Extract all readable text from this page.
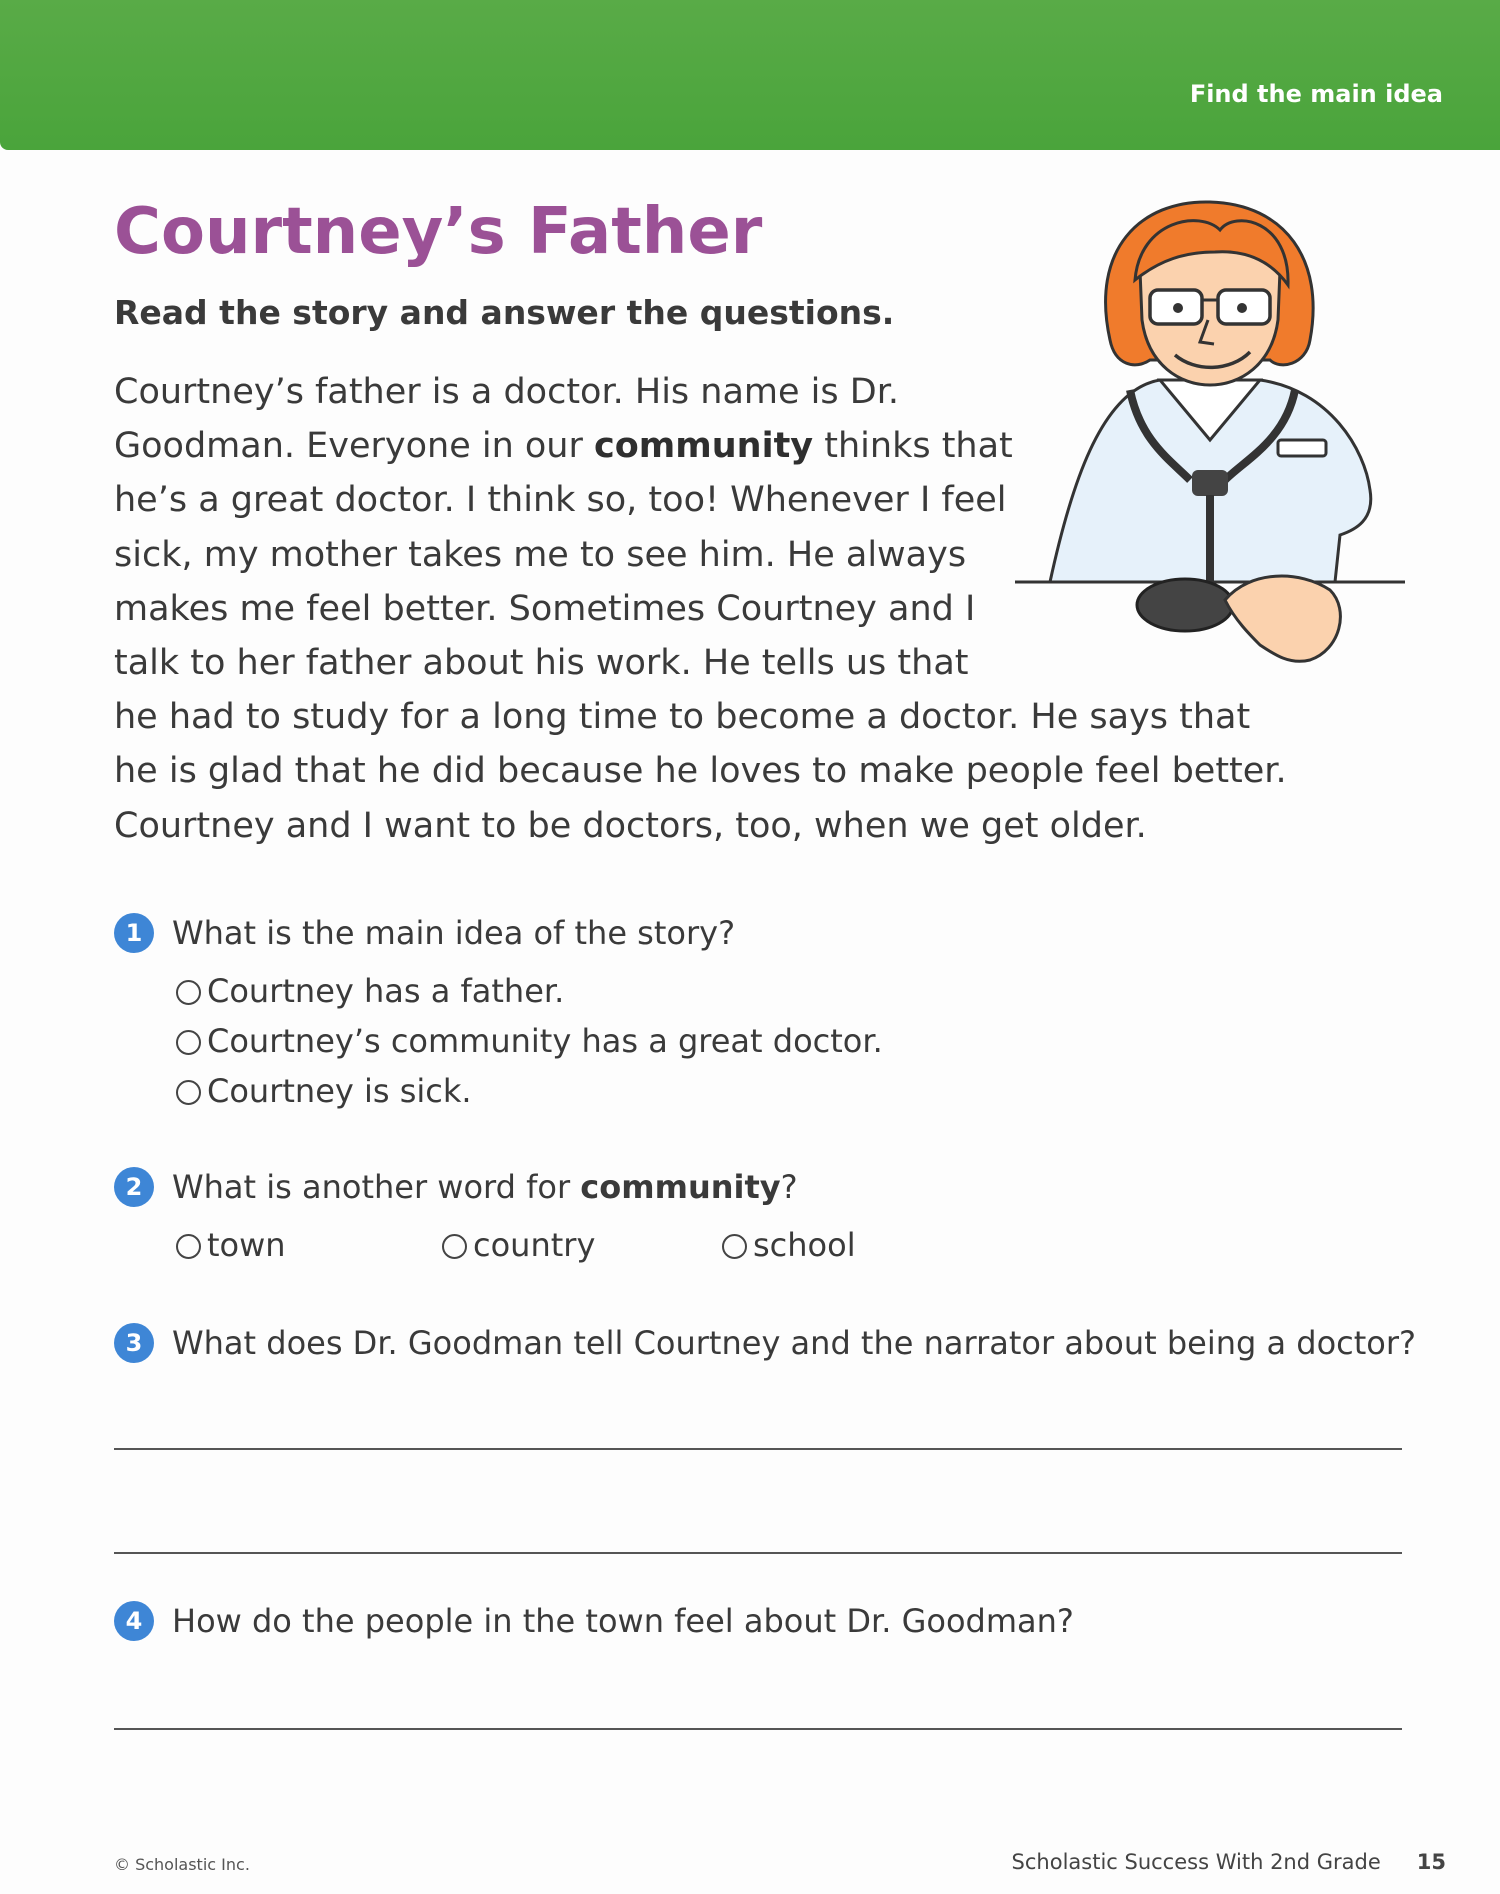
Find the main idea
Courtney’s Father
Read the story and answer the questions.
Courtney’s father is a doctor. His name is Dr.
Goodman. Everyone in our community thinks that
he’s a great doctor. I think so, too! Whenever I feel
sick, my mother takes me to see him. He always
makes me feel better. Sometimes Courtney and I
talk to her father about his work. He tells us that
he had to study for a long time to become a doctor. He says that
he is glad that he did because he loves to make people feel better.
Courtney and I want to be doctors, too, when we get older.
1 What is the main idea of the story?
Courtney has a father.
Courtney’s community has a great doctor.
Courtney is sick.
2 What is another word for community?
town	country	school
3 What does Dr. Goodman tell Courtney and the narrator about being a doctor?
4 How do the people in the town feel about Dr. Goodman?
© Scholastic Inc.	Scholastic Success With 2nd Grade 15
